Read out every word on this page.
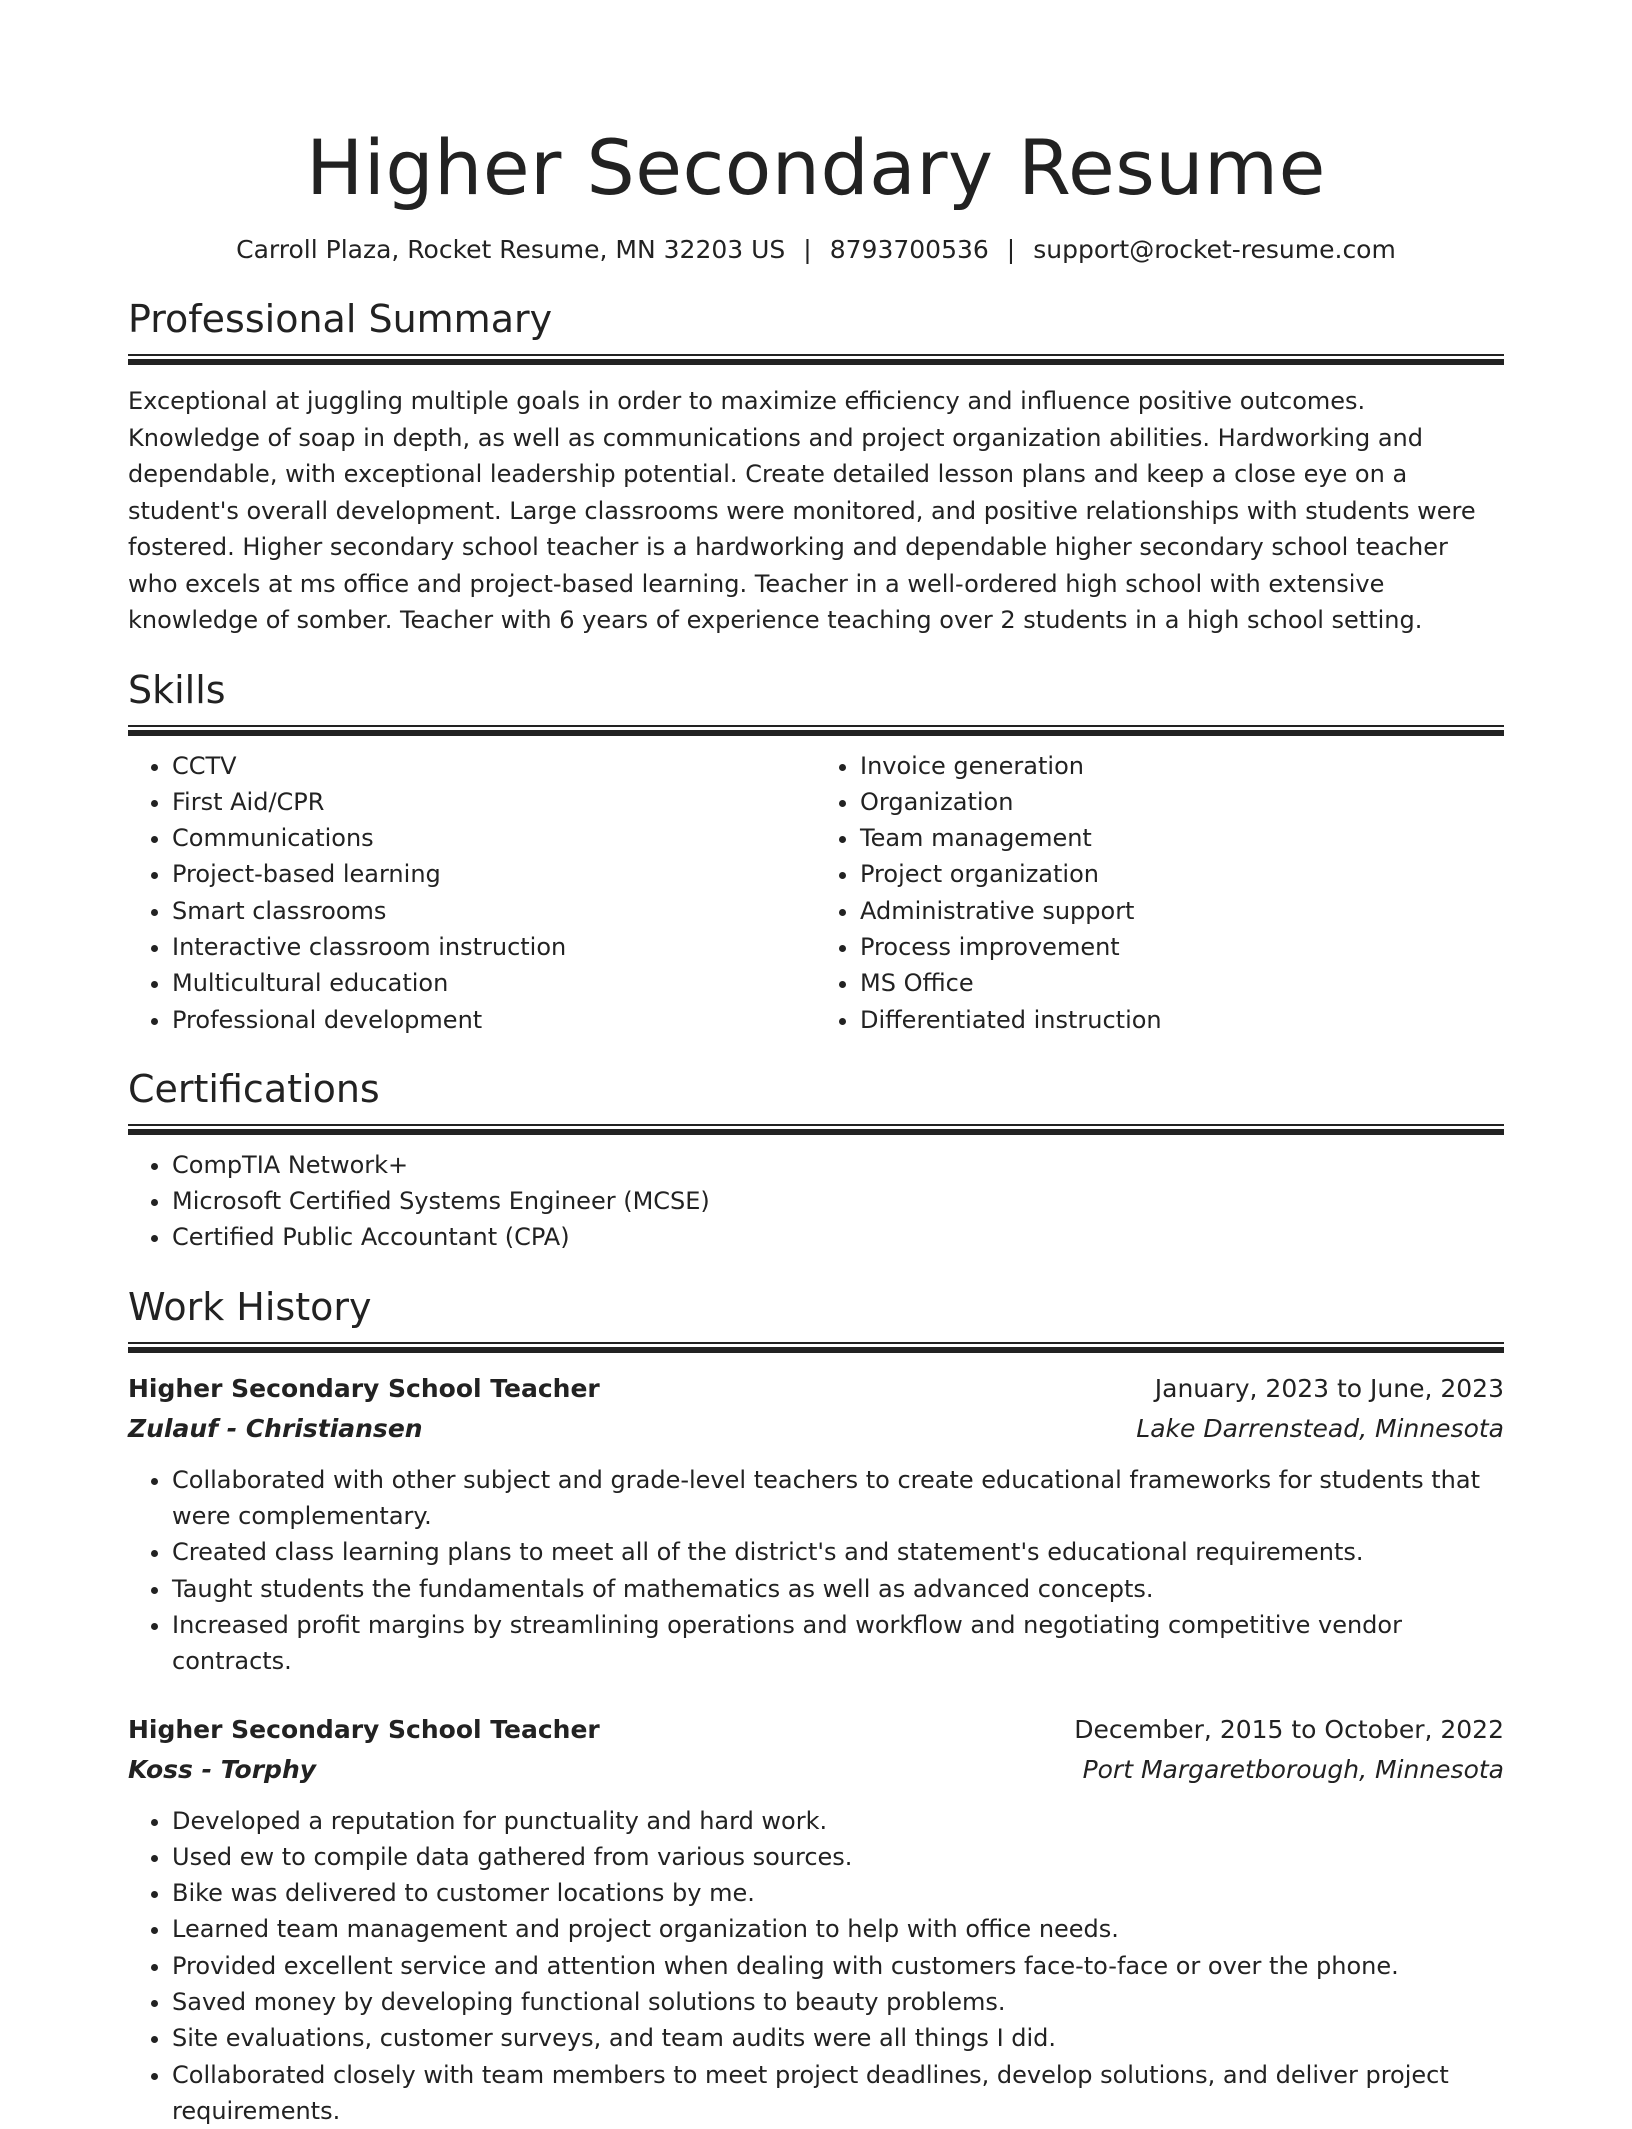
Higher Secondary Resume
Carroll Plaza, Rocket Resume, MN 32203 US | 8793700536 | support@rocket-resume.com
Professional Summary

Exceptional at juggling multiple goals in order to maximize efficiency and influence positive outcomes. Knowledge of soap in depth, as well as communications and project organization abilities. Hardworking and dependable, with exceptional leadership potential. Create detailed lesson plans and keep a close eye on a student's overall development. Large classrooms were monitored, and positive relationships with students were fostered. Higher secondary school teacher is a hardworking and dependable higher secondary school teacher who excels at ms office and project-based learning. Teacher in a well-ordered high school with extensive knowledge of somber. Teacher with 6 years of experience teaching over 2 students in a high school setting.

Skills
• CCTV
• First Aid/CPR
• Communications
• Project-based learning
• Smart classrooms
• Interactive classroom instruction
• Multicultural education
• Professional development
• Invoice generation
• Organization
• Team management
• Project organization
• Administrative support
• Process improvement
• MS Office
• Differentiated instruction
Certifications
• CompTIA Network+
• Microsoft Certified Systems Engineer (MCSE)
• Certified Public Accountant (CPA)
Work History
Higher Secondary School Teacher	January, 2023 to June, 2023
Zulauf - Christiansen	Lake Darrenstead, Minnesota
• Collaborated with other subject and grade-level teachers to create educational frameworks for students that were complementary.
• Created class learning plans to meet all of the district's and statement's educational requirements.
• Taught students the fundamentals of mathematics as well as advanced concepts.
• Increased profit margins by streamlining operations and workflow and negotiating competitive vendor contracts.
Higher Secondary School Teacher	December, 2015 to October, 2022
Koss - Torphy	Port Margaretborough, Minnesota
• Developed a reputation for punctuality and hard work.
• Used ew to compile data gathered from various sources.
• Bike was delivered to customer locations by me.
• Learned team management and project organization to help with office needs.
• Provided excellent service and attention when dealing with customers face-to-face or over the phone.
• Saved money by developing functional solutions to beauty problems.
• Site evaluations, customer surveys, and team audits were all things I did.
• Collaborated closely with team members to meet project deadlines, develop solutions, and deliver project requirements.
